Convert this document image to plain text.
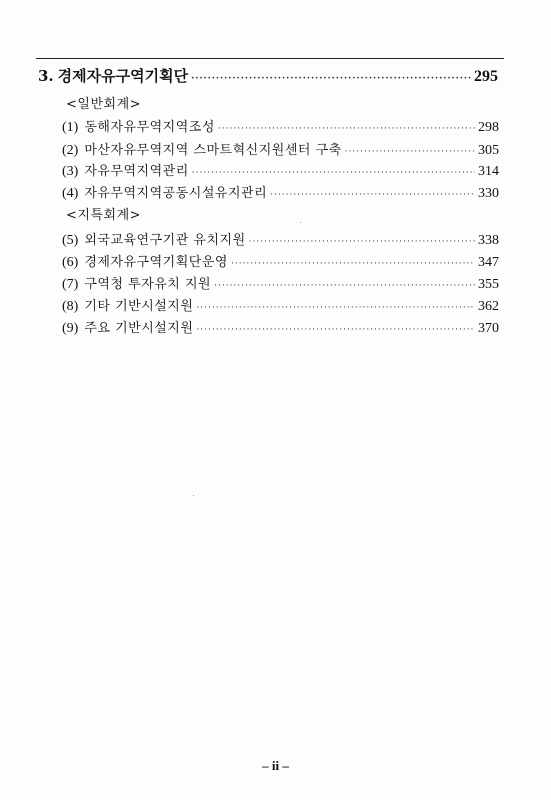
3. 경제자유구역기획단 ·····	295
<일반회계>
(1) 동해자유무역지역조성 ·····	298
(2) 마산자유무역지역 스마트혁신지원센터 구축 ·····	305
(3) 자유무역지역관리 ·····	314
(4) 자유무역지역공동시설유지관리 ·····	330
<지특회계>
(5) 외국교육연구기관 유치지원 ·····	338
(6) 경제자유구역기획단운영 ·····	347
(7) 구역청 투자유치 지원 ·····	355
(8) 기타 기반시설지원 ·····	362
(9) 주요 기반시설지원 ·····	370
– ii –
